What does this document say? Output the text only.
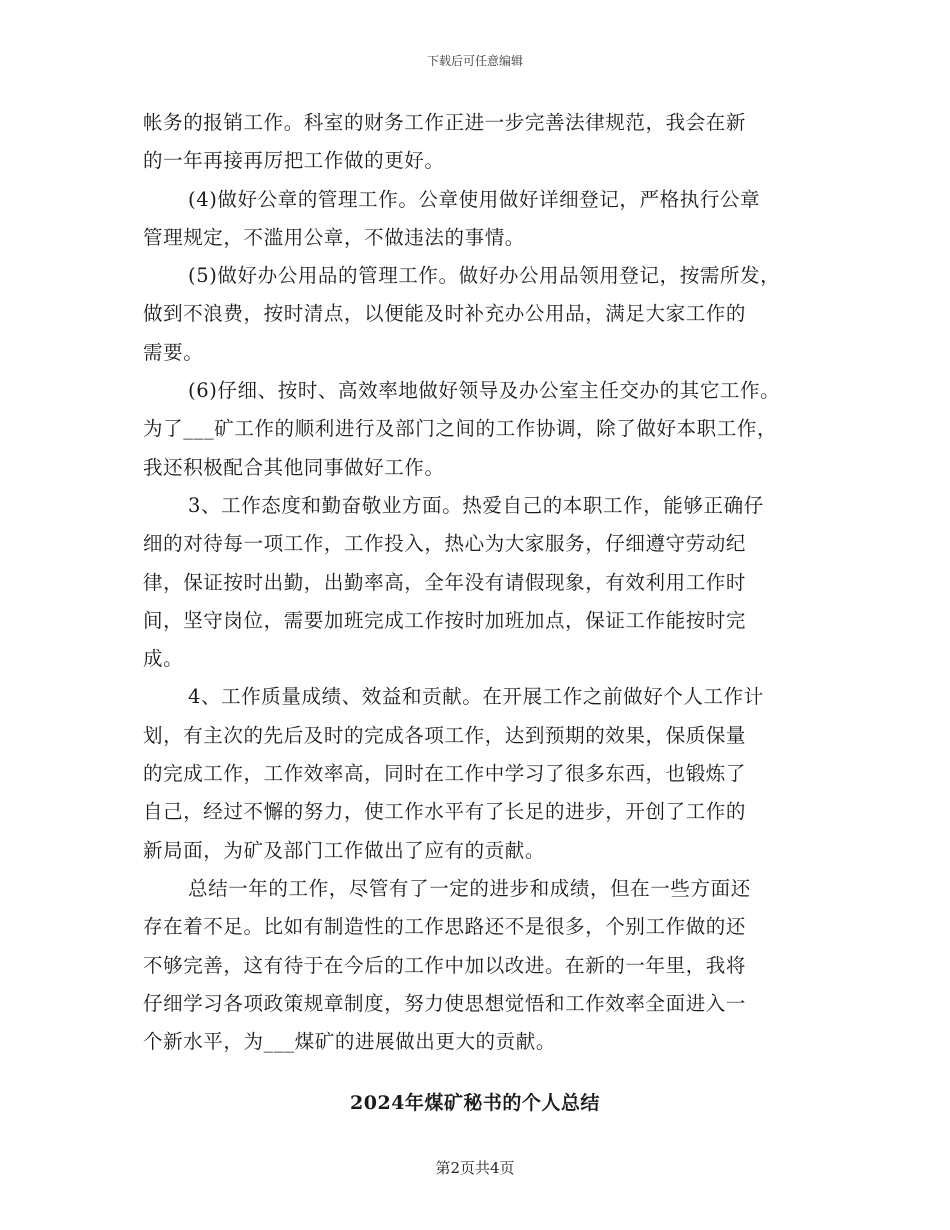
下载后可任意编辑
帐务的报销工作。科室的财务工作正进一步完善法律规范，我会在新
的一年再接再厉把工作做的更好。
(4)做好公章的管理工作。公章使用做好详细登记，严格执行公章
管理规定，不滥用公章，不做违法的事情。
(5)做好办公用品的管理工作。做好办公用品领用登记，按需所发，
做到不浪费，按时清点，以便能及时补充办公用品，满足大家工作的
需要。
(6)仔细、按时、高效率地做好领导及办公室主任交办的其它工作。
为了___矿工作的顺利进行及部门之间的工作协调，除了做好本职工作，
我还积极配合其他同事做好工作。
3、工作态度和勤奋敬业方面。热爱自己的本职工作，能够正确仔
细的对待每一项工作，工作投入，热心为大家服务，仔细遵守劳动纪
律，保证按时出勤，出勤率高，全年没有请假现象，有效利用工作时
间，坚守岗位，需要加班完成工作按时加班加点，保证工作能按时完
成。
4、工作质量成绩、效益和贡献。在开展工作之前做好个人工作计
划，有主次的先后及时的完成各项工作，达到预期的效果，保质保量
的完成工作，工作效率高，同时在工作中学习了很多东西，也锻炼了
自己，经过不懈的努力，使工作水平有了长足的进步，开创了工作的
新局面，为矿及部门工作做出了应有的贡献。
总结一年的工作，尽管有了一定的进步和成绩，但在一些方面还
存在着不足。比如有制造性的工作思路还不是很多，个别工作做的还
不够完善，这有待于在今后的工作中加以改进。在新的一年里，我将
仔细学习各项政策规章制度，努力使思想觉悟和工作效率全面进入一
个新水平，为___煤矿的进展做出更大的贡献。
2024年煤矿秘书的个人总结
第2页共4页
